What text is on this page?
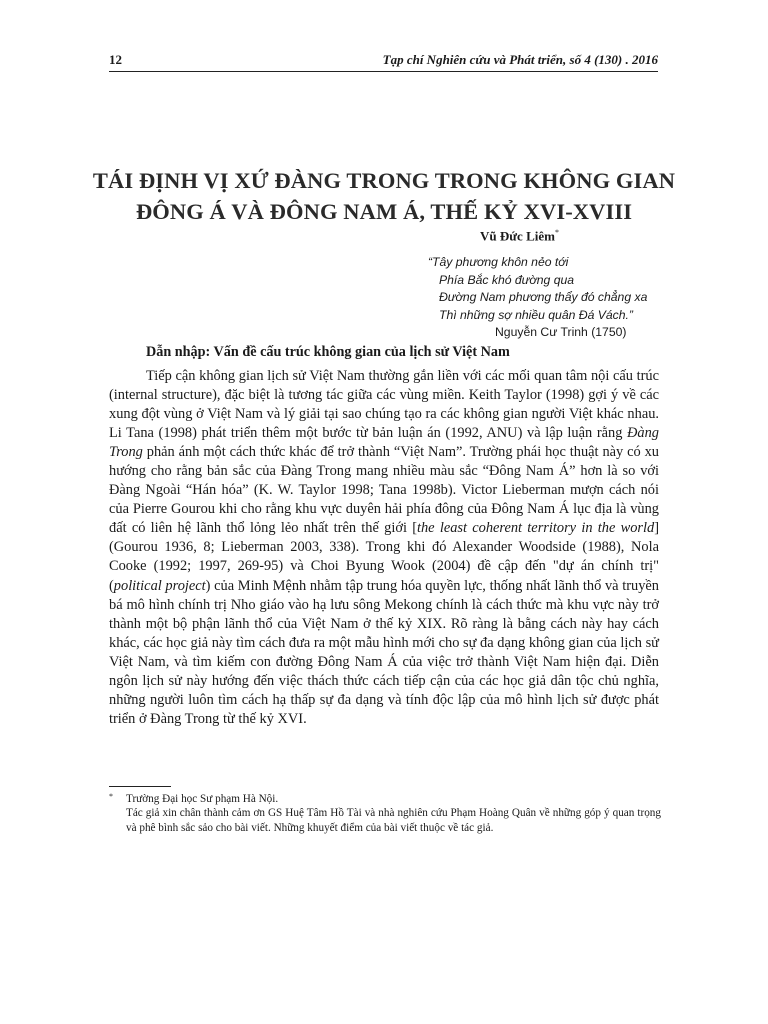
12	Tạp chí Nghiên cứu và Phát triển, số 4 (130) . 2016
TÁI ĐỊNH VỊ XỨ ĐÀNG TRONG TRONG KHÔNG GIAN
ĐÔNG Á VÀ ĐÔNG NAM Á, THẾ KỶ XVI-XVIII
Vũ Đức Liêm*
“Tây phương khôn nẻo tới
Phía Bắc khó đường qua
Đường Nam phương thẩy đó chẳng xa
Thì những sợ nhiều quân Đá Vách.”
Nguyễn Cư Trinh (1750)
Dẫn nhập: Vấn đề cấu trúc không gian của lịch sử Việt Nam

Tiếp cận không gian lịch sử Việt Nam thường gắn liền với các mối quan tâm nội cấu trúc (internal structure), đặc biệt là tương tác giữa các vùng miền. Keith Taylor (1998) gợi ý về các xung đột vùng ở Việt Nam và lý giải tại sao chúng tạo ra các không gian người Việt khác nhau. Li Tana (1998) phát triển thêm một bước từ bản luận án (1992, ANU) và lập luận rằng Đàng Trong phản ánh một cách thức khác để trở thành “Việt Nam”. Trường phái học thuật này có xu hướng cho rằng bản sắc của Đàng Trong mang nhiều màu sắc “Đông Nam Á” hơn là so với Đàng Ngoài “Hán hóa” (K. W. Taylor 1998; Tana 1998b). Victor Lieberman mượn cách nói của Pierre Gourou khi cho rằng khu vực duyên hải phía đông của Đông Nam Á lục địa là vùng đất có liên hệ lãnh thổ lỏng lẻo nhất trên thế giới [the least coherent territory in the world] (Gourou 1936, 8; Lieberman 2003, 338). Trong khi đó Alexander Woodside (1988), Nola Cooke (1992; 1997, 269-95) và Choi Byung Wook (2004) đề cập đến "dự án chính trị" (political project) của Minh Mệnh nhằm tập trung hóa quyền lực, thống nhất lãnh thổ và truyền bá mô hình chính trị Nho giáo vào hạ lưu sông Mekong chính là cách thức mà khu vực này trở thành một bộ phận lãnh thổ của Việt Nam ở thế kỷ XIX. Rõ ràng là bằng cách này hay cách khác, các học giả này tìm cách đưa ra một mẫu hình mới cho sự đa dạng không gian của lịch sử Việt Nam, và tìm kiếm con đường Đông Nam Á của việc trở thành Việt Nam hiện đại. Diễn ngôn lịch sử này hướng đến việc thách thức cách tiếp cận của các học giả dân tộc chủ nghĩa, những người luôn tìm cách hạ thấp sự đa dạng và tính độc lập của mô hình lịch sử được phát triển ở Đàng Trong từ thế kỷ XVI.

* Trường Đại học Sư phạm Hà Nội.
Tác giả xin chân thành cảm ơn GS Huệ Tâm Hồ Tài và nhà nghiên cứu Phạm Hoàng Quân về những góp ý quan trọng và phê bình sắc sảo cho bài viết. Những khuyết điểm của bài viết thuộc về tác giả.
